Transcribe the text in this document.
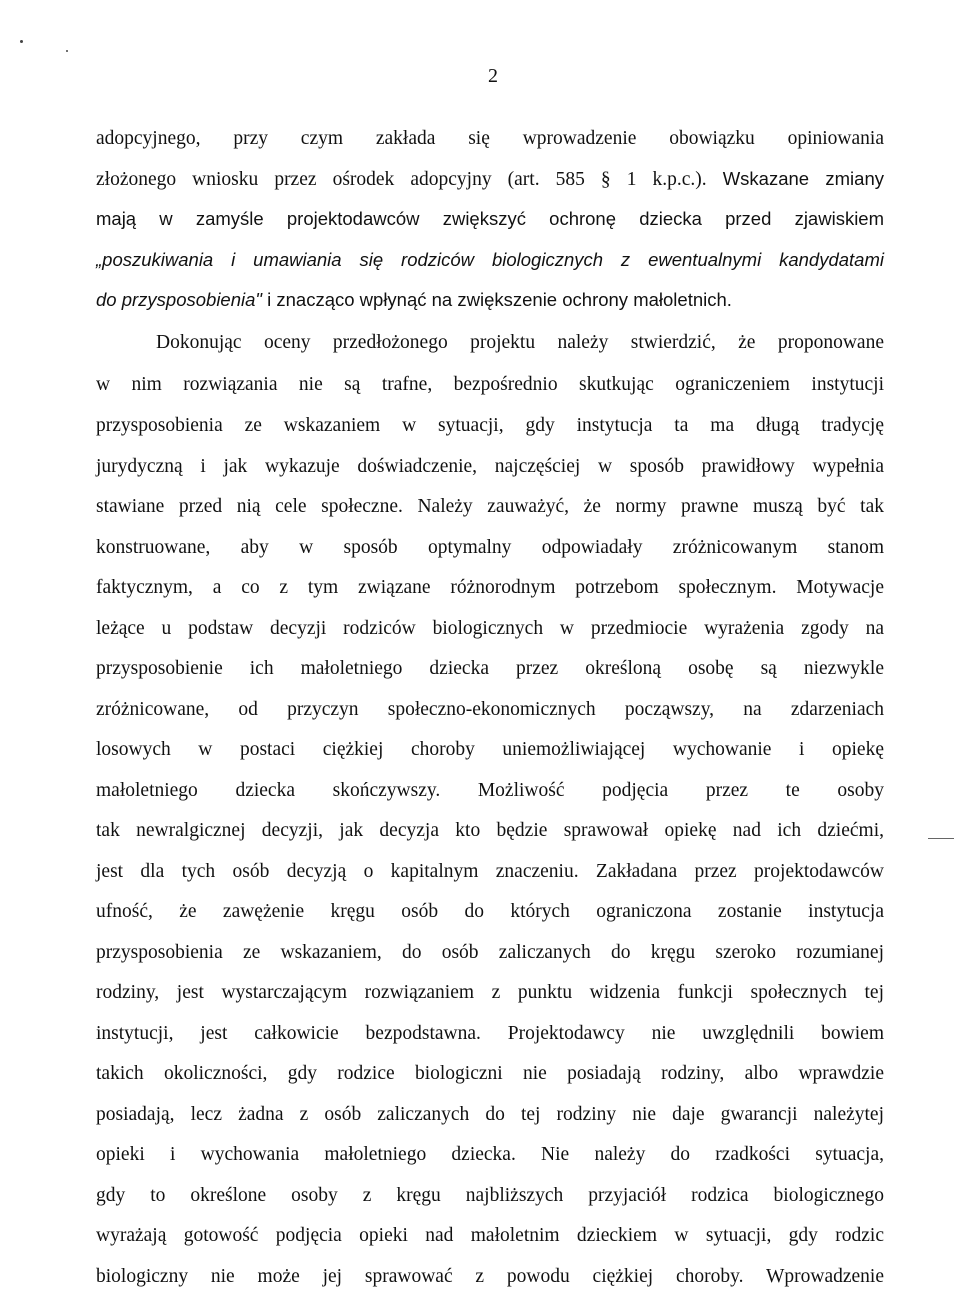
2
adopcyjnego, przy czym zakłada się wprowadzenie obowiązku opiniowania
złożonego wniosku przez ośrodek adopcyjny (art. 585 § 1 k.p.c.). Wskazane zmiany
mają w zamyśle projektodawców zwiększyć ochronę dziecka przed zjawiskiem
„poszukiwania i umawiania się rodziców biologicznych z ewentualnymi kandydatami
do przysposobienia" i znacząco wpłynąć na zwiększenie ochrony małoletnich.
Dokonując oceny przedłożonego projektu należy stwierdzić, że proponowane
w nim rozwiązania nie są trafne, bezpośrednio skutkując ograniczeniem instytucji
przysposobienia ze wskazaniem w sytuacji, gdy instytucja ta ma długą tradycję
jurydyczną i jak wykazuje doświadczenie, najczęściej w sposób prawidłowy wypełnia
stawiane przed nią cele społeczne. Należy zauważyć, że normy prawne muszą być tak
konstruowane, aby w sposób optymalny odpowiadały zróżnicowanym stanom
faktycznym, a co z tym związane różnorodnym potrzebom społecznym. Motywacje
leżące u podstaw decyzji rodziców biologicznych w przedmiocie wyrażenia zgody na
przysposobienie ich małoletniego dziecka przez określoną osobę są niezwykle
zróżnicowane, od przyczyn społeczno-ekonomicznych począwszy, na zdarzeniach
losowych w postaci ciężkiej choroby uniemożliwiającej wychowanie i opiekę
małoletniego dziecka skończywszy. Możliwość podjęcia przez te osoby
tak newralgicznej decyzji, jak decyzja kto będzie sprawował opiekę nad ich dziećmi,
jest dla tych osób decyzją o kapitalnym znaczeniu. Zakładana przez projektodawców
ufność, że zawężenie kręgu osób do których ograniczona zostanie instytucja
przysposobienia ze wskazaniem, do osób zaliczanych do kręgu szeroko rozumianej
rodziny, jest wystarczającym rozwiązaniem z punktu widzenia funkcji społecznych tej
instytucji, jest całkowicie bezpodstawna. Projektodawcy nie uwzględnili bowiem
takich okoliczności, gdy rodzice biologiczni nie posiadają rodziny, albo wprawdzie
posiadają, lecz żadna z osób zaliczanych do tej rodziny nie daje gwarancji należytej
opieki i wychowania małoletniego dziecka. Nie należy do rzadkości sytuacja,
gdy to określone osoby z kręgu najbliższych przyjaciół rodzica biologicznego
wyrażają gotowość podjęcia opieki nad małoletnim dzieckiem w sytuacji, gdy rodzic
biologiczny nie może jej sprawować z powodu ciężkiej choroby. Wprowadzenie
